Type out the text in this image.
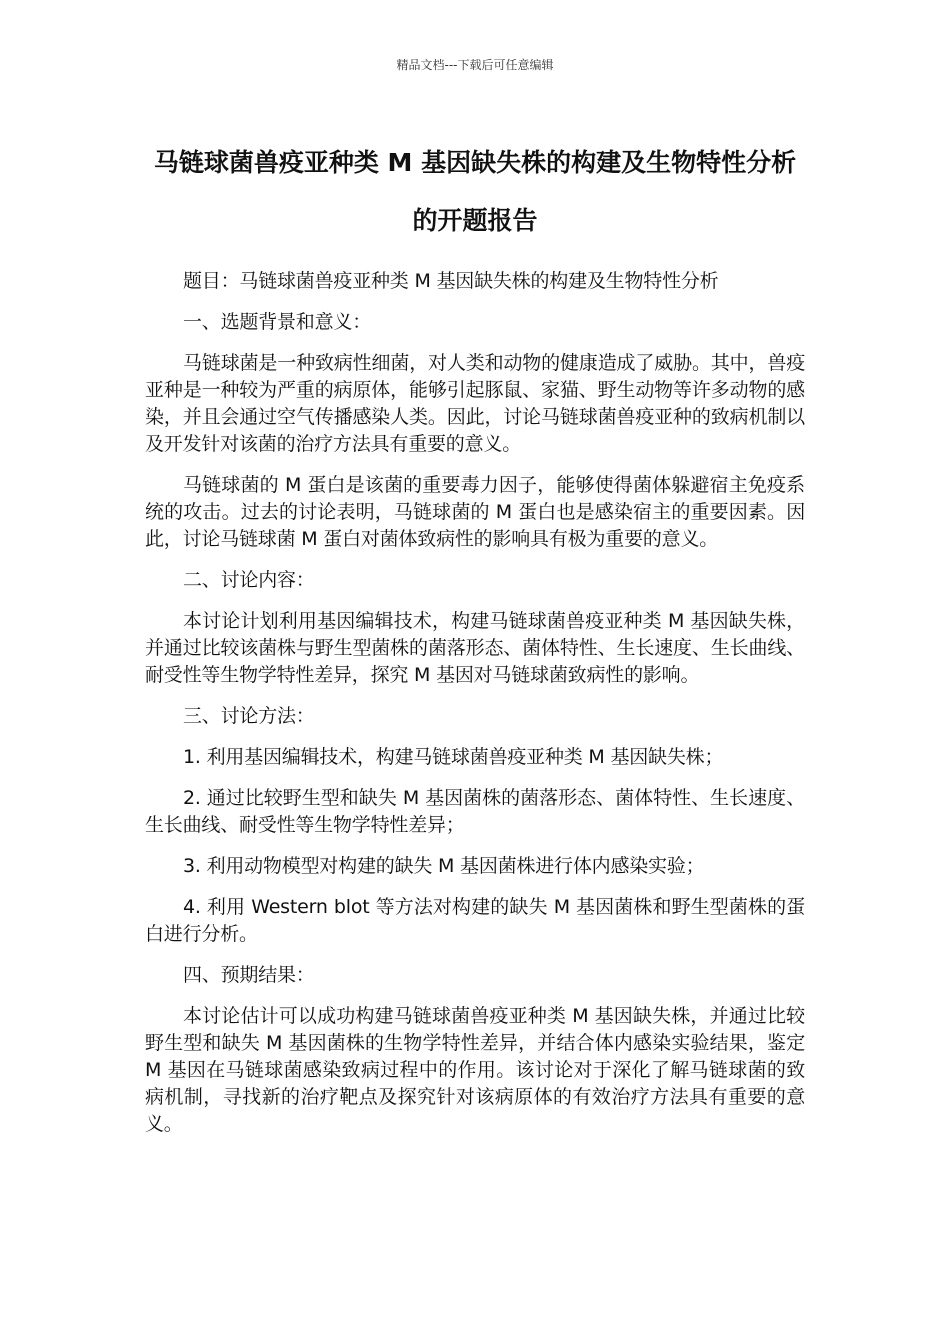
精品文档---下载后可任意编辑
马链球菌兽疫亚种类 M 基因缺失株的构建及生物特性分析的开题报告

题目：马链球菌兽疫亚种类 M 基因缺失株的构建及生物特性分析

一、选题背景和意义：

马链球菌是一种致病性细菌，对人类和动物的健康造成了威胁。其中，兽疫亚种是一种较为严重的病原体，能够引起豚鼠、家猫、野生动物等许多动物的感染，并且会通过空气传播感染人类。因此，讨论马链球菌兽疫亚种的致病机制以及开发针对该菌的治疗方法具有重要的意义。

马链球菌的 M 蛋白是该菌的重要毒力因子，能够使得菌体躲避宿主免疫系统的攻击。过去的讨论表明，马链球菌的 M 蛋白也是感染宿主的重要因素。因此，讨论马链球菌 M 蛋白对菌体致病性的影响具有极为重要的意义。

二、讨论内容：

本讨论计划利用基因编辑技术，构建马链球菌兽疫亚种类 M 基因缺失株，并通过比较该菌株与野生型菌株的菌落形态、菌体特性、生长速度、生长曲线、耐受性等生物学特性差异，探究 M 基因对马链球菌致病性的影响。

三、讨论方法：

1. 利用基因编辑技术，构建马链球菌兽疫亚种类 M 基因缺失株；

2. 通过比较野生型和缺失 M 基因菌株的菌落形态、菌体特性、生长速度、生长曲线、耐受性等生物学特性差异；

3. 利用动物模型对构建的缺失 M 基因菌株进行体内感染实验；

4. 利用 Western blot 等方法对构建的缺失 M 基因菌株和野生型菌株的蛋白进行分析。

四、预期结果：

本讨论估计可以成功构建马链球菌兽疫亚种类 M 基因缺失株，并通过比较野生型和缺失 M 基因菌株的生物学特性差异，并结合体内感染实验结果，鉴定 M 基因在马链球菌感染致病过程中的作用。该讨论对于深化了解马链球菌的致病机制，寻找新的治疗靶点及探究针对该病原体的有效治疗方法具有重要的意义。
